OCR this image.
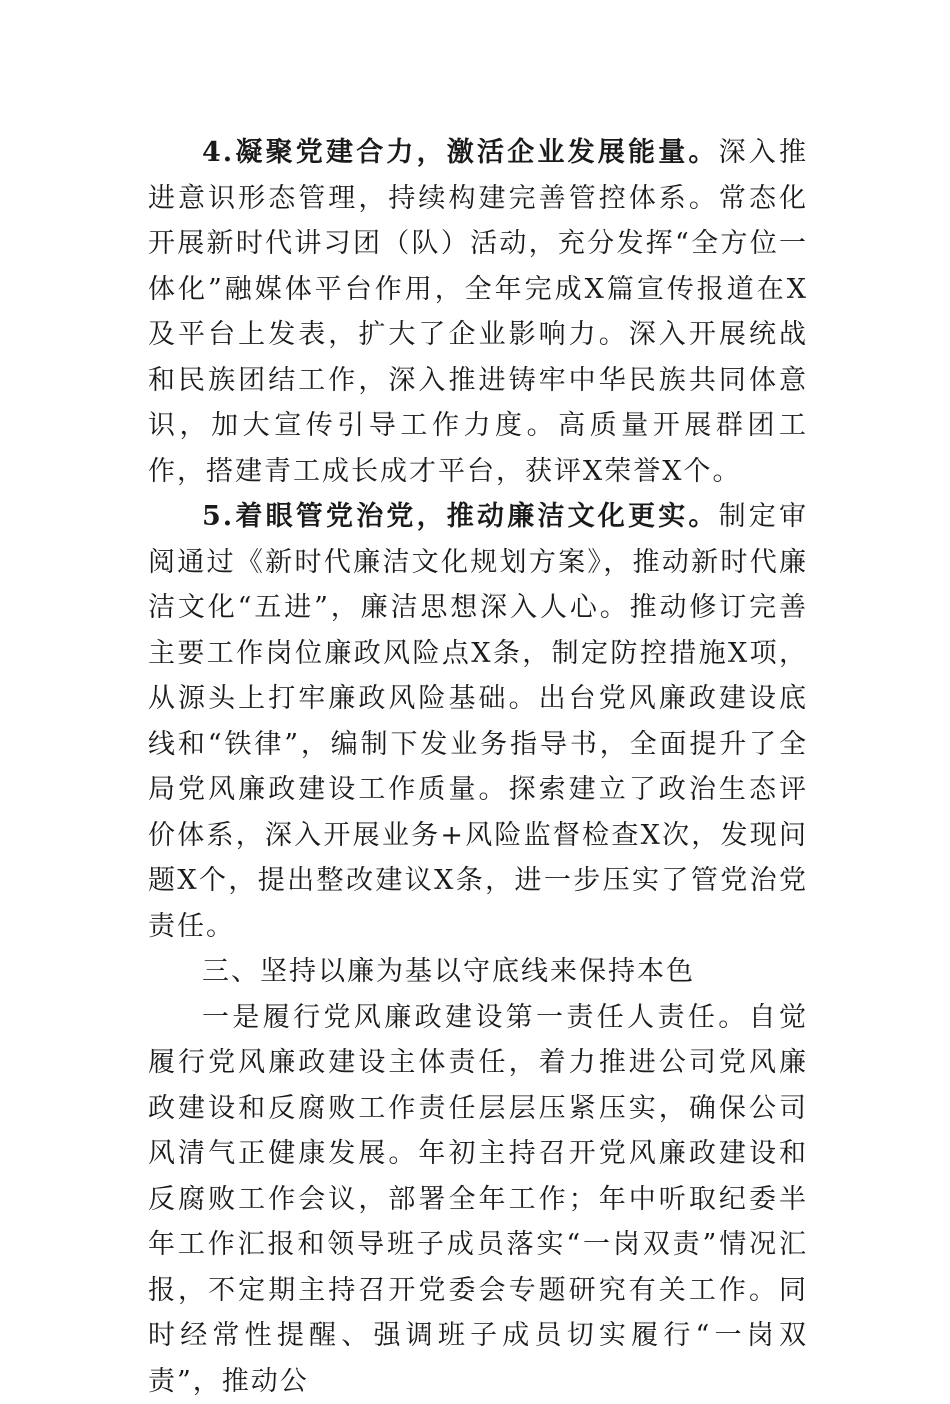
4.凝聚党建合力，激活企业发展能量。深入推进意识形态管理，持续构建完善管控体系。常态化开展新时代讲习团（队）活动，充分发挥“全方位一体化”融媒体平台作用，全年完成X篇宣传报道在X及平台上发表，扩大了企业影响力。深入开展统战和民族团结工作，深入推进铸牢中华民族共同体意识，加大宣传引导工作力度。高质量开展群团工作，搭建青工成长成才平台，获评X荣誉X个。

5.着眼管党治党，推动廉洁文化更实。制定审阅通过《新时代廉洁文化规划方案》，推动新时代廉洁文化“五进”，廉洁思想深入人心。推动修订完善主要工作岗位廉政风险点X条，制定防控措施X项，从源头上打牢廉政风险基础。出台党风廉政建设底线和“铁律”，编制下发业务指导书，全面提升了全局党风廉政建设工作质量。探索建立了政治生态评价体系，深入开展业务+风险监督检查X次，发现问题X个，提出整改建议X条，进一步压实了管党治党责任。

三、坚持以廉为基以守底线来保持本色

一是履行党风廉政建设第一责任人责任。自觉履行党风廉政建设主体责任，着力推进公司党风廉政建设和反腐败工作责任层层压紧压实，确保公司风清气正健康发展。年初主持召开党风廉政建设和反腐败工作会议，部署全年工作；年中听取纪委半年工作汇报和领导班子成员落实“一岗双责”情况汇报，不定期主持召开党委会专题研究有关工作。同时经常性提醒、强调班子成员切实履行“一岗双责”，推动公
